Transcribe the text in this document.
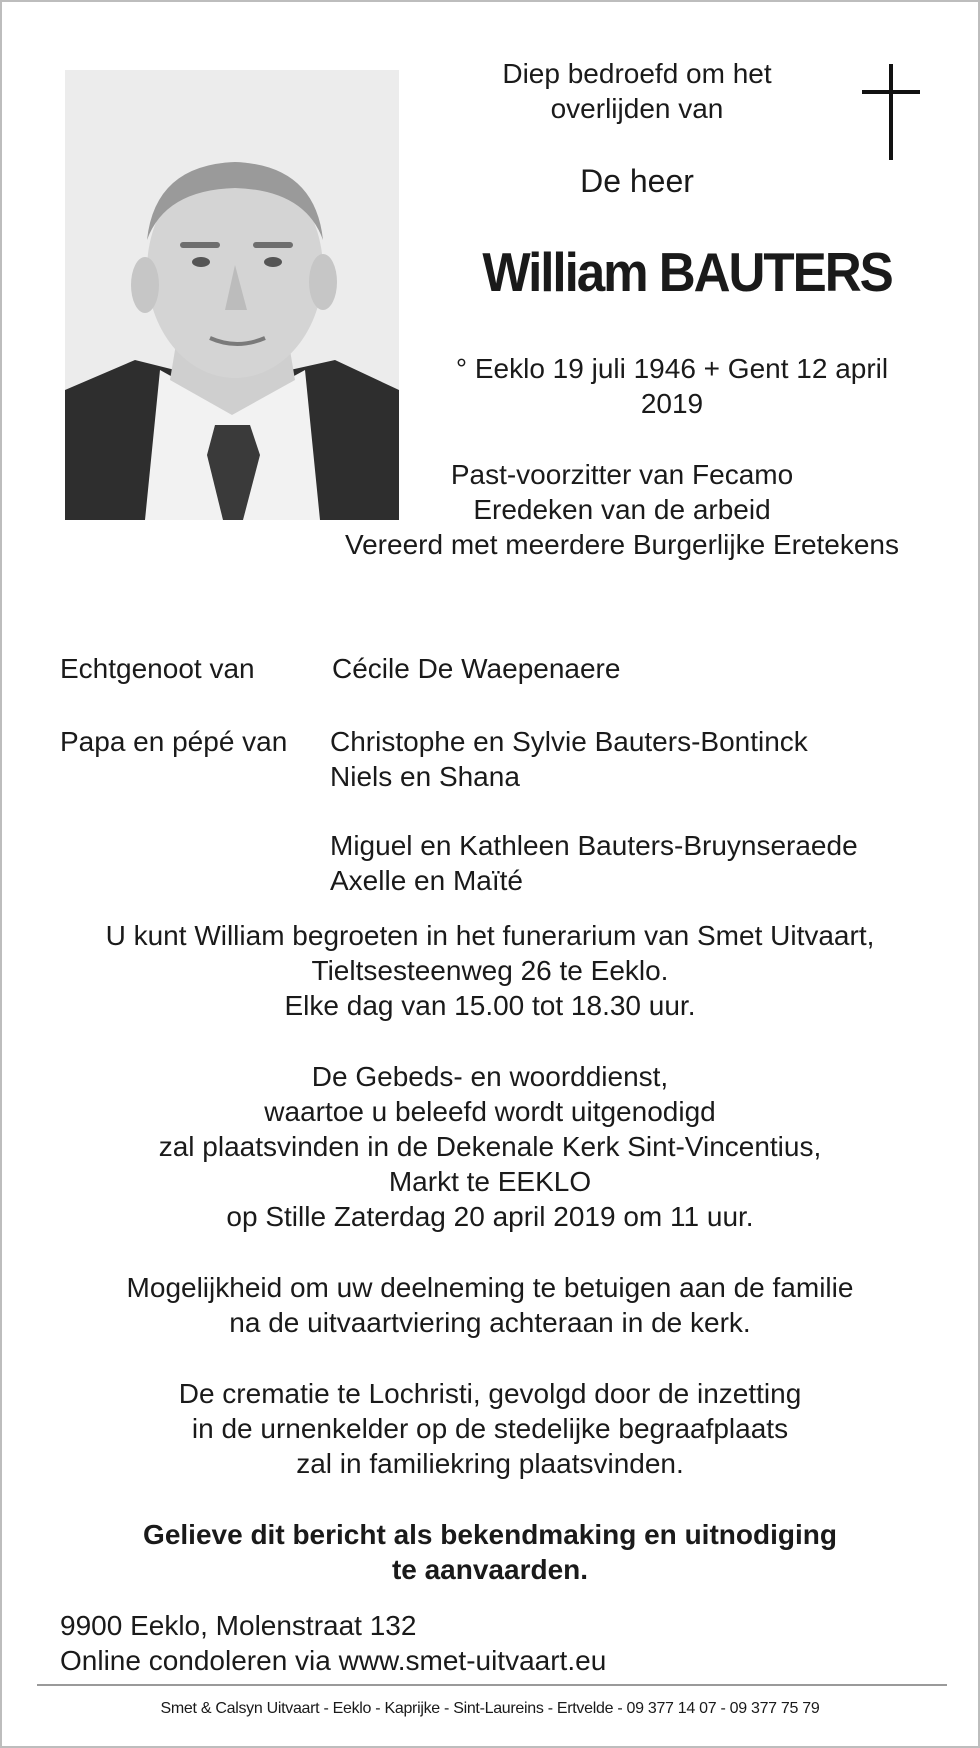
Diep bedroefd om het

overlijden van

De heer

William BAUTERS

° Eeklo 19 juli 1946 + Gent 12 april

2019

Past-voorzitter van Fecamo

Eredeken van de arbeid

Vereerd met meerdere Burgerlijke Eretekens

Echtgenoot van	Cécile De Waepenaere

Papa en pépé van Christophe en Sylvie Bauters-Bontinck

Niels en Shana

Miguel en Kathleen Bauters-Bruynseraede

Axelle en Maïté

U kunt William begroeten in het funerarium van Smet Uitvaart,

Tieltsesteenweg 26 te Eeklo.

Elke dag van 15.00 tot 18.30 uur.

De Gebeds- en woorddienst,

waartoe u beleefd wordt uitgenodigd

zal plaatsvinden in de Dekenale Kerk Sint-Vincentius,

Markt te EEKLO

op Stille Zaterdag 20 april 2019 om 11 uur.

Mogelijkheid om uw deelneming te betuigen aan de familie

na de uitvaartviering achteraan in de kerk.

De crematie te Lochristi, gevolgd door de inzetting

in de urnenkelder op de stedelijke begraafplaats

zal in familiekring plaatsvinden.

Gelieve dit bericht als bekendmaking en uitnodiging

te aanvaarden.

9900 Eeklo, Molenstraat 132

Online condoleren via www.smet-uitvaart.eu

Smet & Calsyn Uitvaart - Eeklo - Kaprijke - Sint-Laureins - Ertvelde - 09 377 14 07 - 09 377 75 79
